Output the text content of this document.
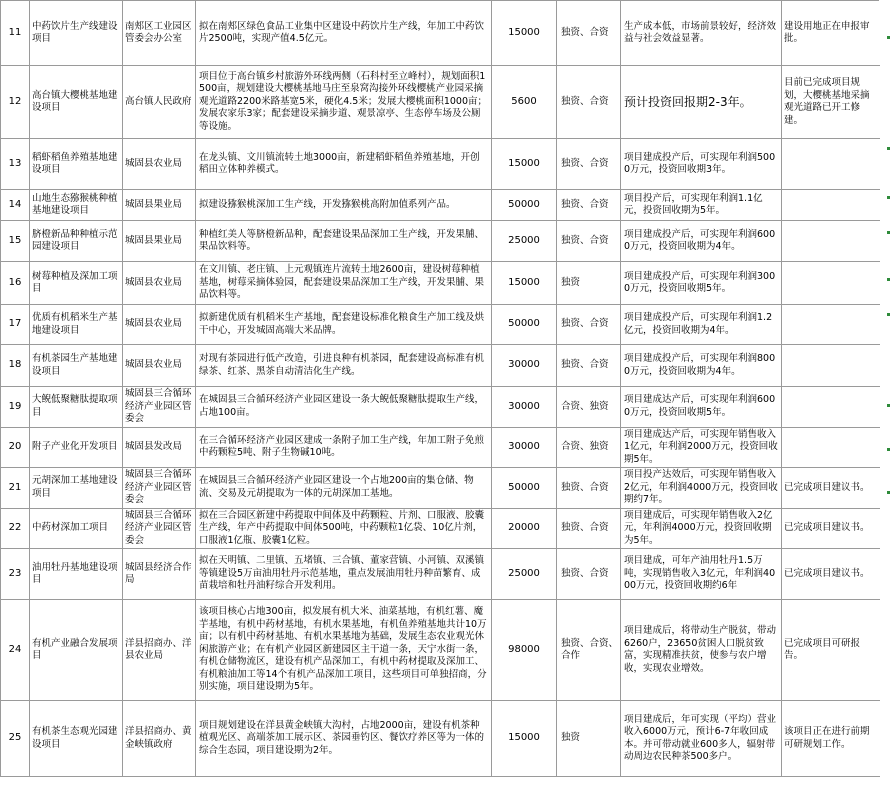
11	中药饮片生产线建设项目	南郏区工业园区管委会办公室	拟在南郏区绿色食品工业集中区建设中药饮片生产线，年加工中药饮片2500吨，实现产值4.5亿元。	15000	独资、合资	生产成本低，市场前景较好，经济效益与社会效益显著。	建设用地正在申报审批。	
12	高台镇大樱桃基地建设项目	高台镇人民政府	项目位于高台镇乡村旅游外环线两侧（石科村至立峰村），规划面积1500亩，规划建设大樱桃基地马庄至泉窝沟接外环线樱桃产业园采摘观光道路2200米路基宽5米，硬化4.5米；发展大樱桃面积1000亩；发展农家乐3家；配套建设采摘步道、观景凉亭、生态停车场及公厕等设施。	5600	独资、合资	预计投资回报期2-3年。	目前已完成项目规划，大樱桃基地采摘观光道路已开工修建。	
13	稻虾稻鱼养殖基地建设项目	城固县农业局	在龙头镇、文川镇流转土地3000亩，新建稻虾稻鱼养殖基地，开创稻田立体种养模式。	15000	独资、合资	项目建成投产后，可实现年利润5000万元，投资回收期3年。		
14	山地生态猕猴桃种植基地建设项目	城固县果业局	拟建设猕猴桃深加工生产线，开发猕猴桃高附加值系列产品。	50000	独资、合资	项目投产后，可实现年利润1.1亿元，投资回收期为5年。		
15	脐橙新品种种植示范园建设项目	城固县果业局	种植红美人等脐橙新品种，配套建设果品深加工生产线，开发果脯、果品饮料等。	25000	独资、合资	项目建成投产后，可实现年利润6000万元，投资回收期为4年。		
16	树莓种植及深加工项目	城固县农业局	在文川镇、老庄镇、上元观镇连片流转土地2600亩，建设树莓种植基地，树莓采摘体验园，配套建设果品深加工生产线，开发果脯、果品饮料等。	15000	独资	项目建成投产后，可实现年利润3000万元，投资回收期5年。		
17	优质有机稻米生产基地建设项目	城固县农业局	拟新建优质有机稻米生产基地，配套建设标准化粮食生产加工线及烘干中心，开发城固高端大米品牌。	50000	独资、合资	项目建成投产后，可实现年利润1.2亿元，投资回收期为4年。		
18	有机茶园生产基地建设项目	城固县农业局	对现有茶园进行低产改造，引进良种有机茶园，配套建设高标准有机绿茶、红茶、黑茶自动清洁化生产线。	30000	独资、合资	项目建成投产后，可实现年利润8000万元，投资回收期为4年。		
19	大鲵低聚糖肽提取项目	城固县三合循环经济产业园区管委会	在城固县三合循环经济产业园区建设一条大鲵低聚糖肽提取生产线，占地100亩。	30000	合资、独资	项目建成达产后，可实现年利润6000万元，投资回收期5年。		
20	附子产业化开发项目	城固县发改局	在三合循环经济产业园区建成一条附子加工生产线，年加工附子免煎中药颗粒5吨、附子生物碱10吨。	30000	合资、独资	项目建成达产后，可实现年销售收入1亿元，年利润2000万元，投资回收期5年。		
21	元胡深加工基地建设项目	城固县三合循环经济产业园区管委会	在城固县三合循环经济产业园区建设一个占地200亩的集仓储、物流、交易及元胡提取为一体的元胡深加工基地。	50000	独资、合资	项目投产达效后，可实现年销售收入2亿元，年利润4000万元，投资回收期约7年。	已完成项目建议书。	
22	中药材深加工项目	城固县三合循环经济产业园区管委会	拟在三合园区新建中药提取中间体及中药颗粒、片剂、口服液、胶囊生产线，年产中药提取中间体500吨，中药颗粒1亿袋、10亿片剂，口服液1亿瓶、胶囊1亿粒。	20000	独资、合资	项目建成后，可实现年销售收入2亿元，年利润4000万元，投资回收期为5年。	已完成项目建议书。	
23	油用牡丹基地建设项目	城固县经济合作局	拟在天明镇、二里镇、五堵镇、三合镇、董家营镇、小河镇、双溪镇等镇建设5万亩油用牡丹示范基地，重点发展油用牡丹种苗繁育、成苗栽培和牡丹油籽综合开发利用。	25000	独资、合资	项目建成，可年产油用牡丹1.5万吨，实现销售收入3亿元，年利润4000万元，投资回收期约6年	已完成项目建议书。	
24	有机产业融合发展项目	洋县招商办、洋县农业局	该项目核心占地300亩，拟发展有机大米、油菜基地，有机红薯、魔芋基地，有机中药材基地，有机水果基地，有机鱼养殖基地共计10万亩；以有机中药材基地、有机水果基地为基础，发展生态农业观光休闲旅游产业；在有机产业园区新建园区主干道一条，天宁水街一条，有机仓储物流区，建设有机产品深加工，有机中药材提取及深加工、有机粮油加工等14个有机产品深加工项目，这些项目可单独招商，分别实施，项目建设期为5年。	98000	独资、合资、合作	项目建成后，将带动生产脱贫，带动6260户，23650贫困人口脱贫致富，实现精准扶贫，使参与农户增收，实现农业增效。	已完成项目可研报告。	
25	有机茶生态观光园建设项目	洋县招商办、黄金峡镇政府	项目规划建设在洋县黄金峡镇大沟村，占地2000亩，建设有机茶种植观光区、高端茶加工展示区、茶园垂钓区、餐饮疗养区等为一体的综合生态园，项目建设期为2年。	15000	独资	项目建成后，年可实现（平均）营业收入6000万元，预计6-7年收回成本。并可带动就业600多人，辐射带动周边农民种茶500多户。	该项目正在进行前期可研规划工作。	
